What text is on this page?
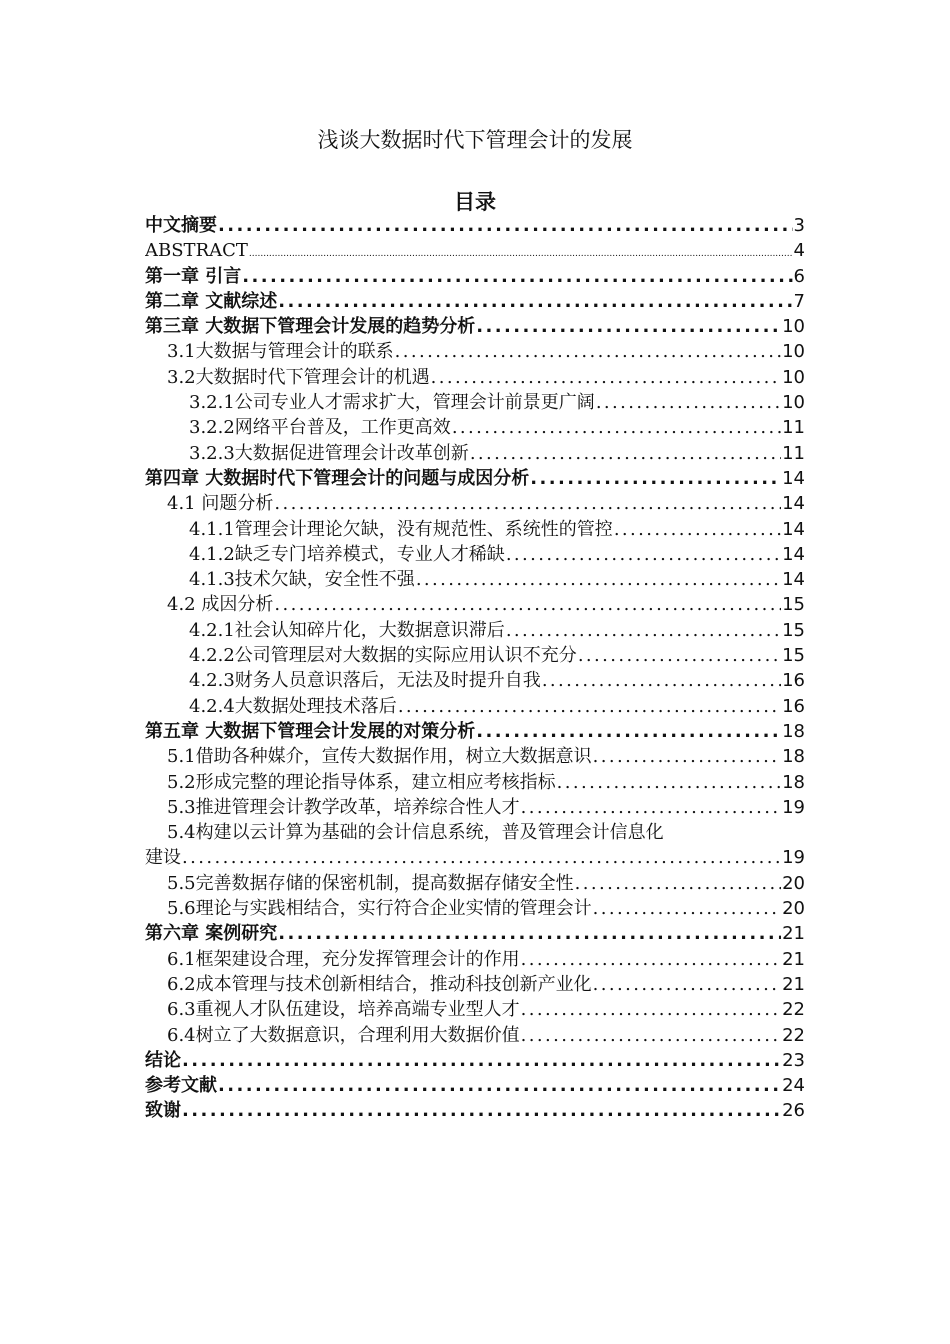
浅谈大数据时代下管理会计的发展
目录
中文摘要 .....	3
ABSTRACT .....	4
第一章 引言 .....	6
第二章 文献综述 .....	7
第三章 大数据下管理会计发展的趋势分析 .....	10
3.1大数据与管理会计的联系 .....	10
3.2大数据时代下管理会计的机遇 .....	10
3.2.1公司专业人才需求扩大，管理会计前景更广阔 .....	10
3.2.2网络平台普及，工作更高效 .....	11
3.2.3大数据促进管理会计改革创新 .....	11
第四章 大数据时代下管理会计的问题与成因分析 .....	14
4.1 问题分析 .....	14
4.1.1管理会计理论欠缺，没有规范性、系统性的管控 .....	14
4.1.2缺乏专门培养模式，专业人才稀缺 .....	14
4.1.3技术欠缺，安全性不强 .....	14
4.2 成因分析 .....	15
4.2.1社会认知碎片化，大数据意识滞后 .....	15
4.2.2公司管理层对大数据的实际应用认识不充分 .....	15
4.2.3财务人员意识落后，无法及时提升自我 .....	16
4.2.4大数据处理技术落后 .....	16
第五章 大数据下管理会计发展的对策分析 .....	18
5.1借助各种媒介，宣传大数据作用，树立大数据意识 .....	18
5.2形成完整的理论指导体系，建立相应考核指标 .....	18
5.3推进管理会计教学改革，培养综合性人才 .....	19
5.4构建以云计算为基础的会计信息系统，普及管理会计信息化
建设 .....	19
5.5完善数据存储的保密机制，提高数据存储安全性 .....	20
5.6理论与实践相结合，实行符合企业实情的管理会计 .....	20
第六章 案例研究 .....	21
6.1框架建设合理，充分发挥管理会计的作用 .....	21
6.2成本管理与技术创新相结合，推动科技创新产业化 .....	21
6.3重视人才队伍建设，培养高端专业型人才 .....	22
6.4树立了大数据意识，合理利用大数据价值 .....	22
结论 .....	23
参考文献 .....	24
致谢 .....	26
